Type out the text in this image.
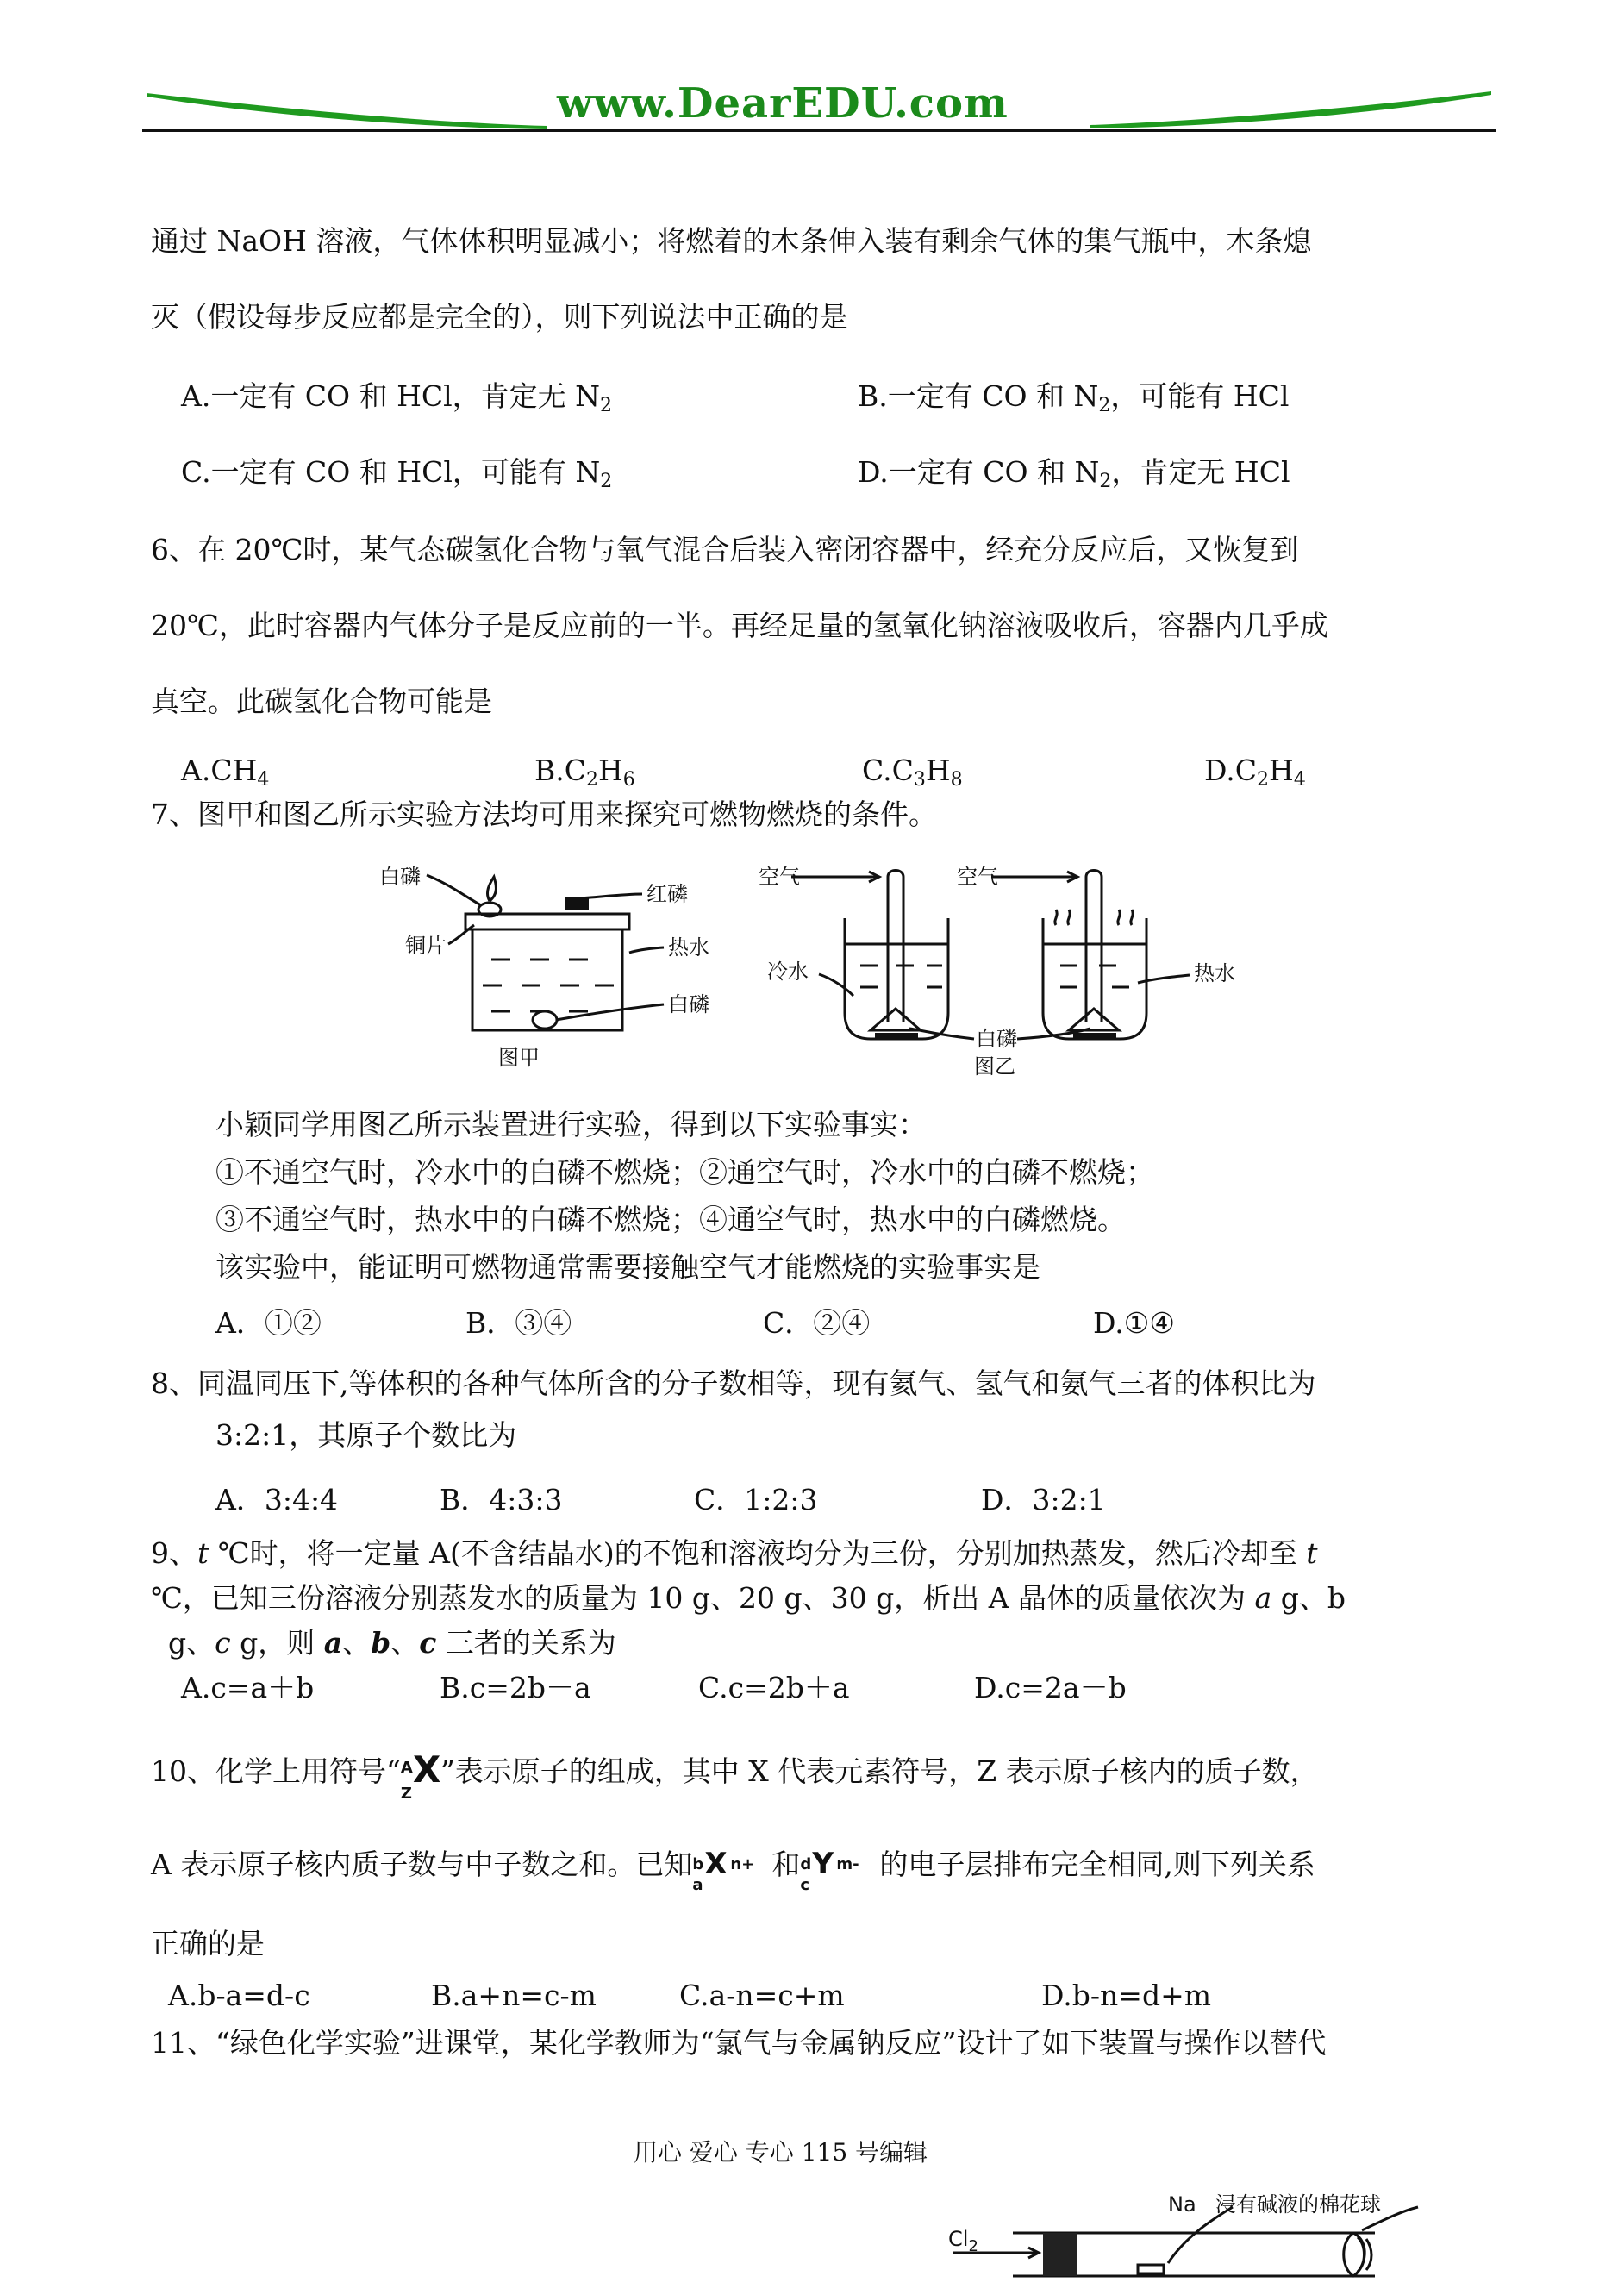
www.DearEDU.com
通过 NaOH 溶液，气体体积明显减小；将燃着的木条伸入装有剩余气体的集气瓶中，木条熄
灭（假设每步反应都是完全的），则下列说法中正确的是
A.一定有 CO 和 HCl，肯定无 $N_2$	B.一定有 CO 和 $N_2$，可能有 HCl
C.一定有 CO 和 HCl，可能有 $N_2$	D.一定有 CO 和 $N_2$，肯定无 HCl
6、在 20℃时，某气态碳氢化合物与氧气混合后装入密闭容器中，经充分反应后，又恢复到
20℃，此时容器内气体分子是反应前的一半。再经足量的氢氧化钠溶液吸收后，容器内几乎成
真空。此碳氢化合物可能是
$A.CH_4$	$B.C_2H_6$	$C.C_3H_8$	$D.C_2H_4$
7、图甲和图乙所示实验方法均可用来探究可燃物燃烧的条件。
白磷
红磷
铜片	热水
白磷
图甲
空气	空气
冷水
白磷
热水
图乙
小颖同学用图乙所示装置进行实验，得到以下实验事实：
①不通空气时，冷水中的白磷不燃烧；②通空气时，冷水中的白磷不燃烧；
③不通空气时，热水中的白磷不燃烧；④通空气时，热水中的白磷燃烧。
该实验中，能证明可燃物通常需要接触空气才能燃烧的实验事实是
A．①②	B．③④	C．②④	D.①④
8、同温同压下,等体积的各种气体所含的分子数相等，现有氦气、氢气和氨气三者的体积比为
3:2:1，其原子个数比为
A．3:4:4	B．4:3:3	C．1:2:3	D．3:2:1
9、t ℃时，将一定量 A(不含结晶水)的不饱和溶液均分为三份，分别加热蒸发，然后冷却至 t
℃，已知三份溶液分别蒸发水的质量为 10 g、20 g、30 g，析出 A 晶体的质量依次为 a g、b
g、c g，则 a、b、c 三者的关系为
A.c=a＋b	B.c=2b－a	C.c=2b＋a	D.c=2a－b
10、化学上用符号“ A
Z
X ”表示原子的组成，其中 X 代表元素符号，Z 表示原子核内的质子数，
A 表示原子核内质子数与中子数之和。已知 b
a
X n+ 和 d
c
Y m- 的电子层排布完全相同,则下列关系
正确的是
A.b-a=d-c	B.a+n=c-m	C.a-n=c+m	D.b-n=d+m
11、“绿色化学实验”进课堂，某化学教师为“氯气与金属钠反应”设计了如下装置与操作以替代
用心 爱心 专心 115 号编辑
$Cl_2$
Na 浸有碱液的棉花球
